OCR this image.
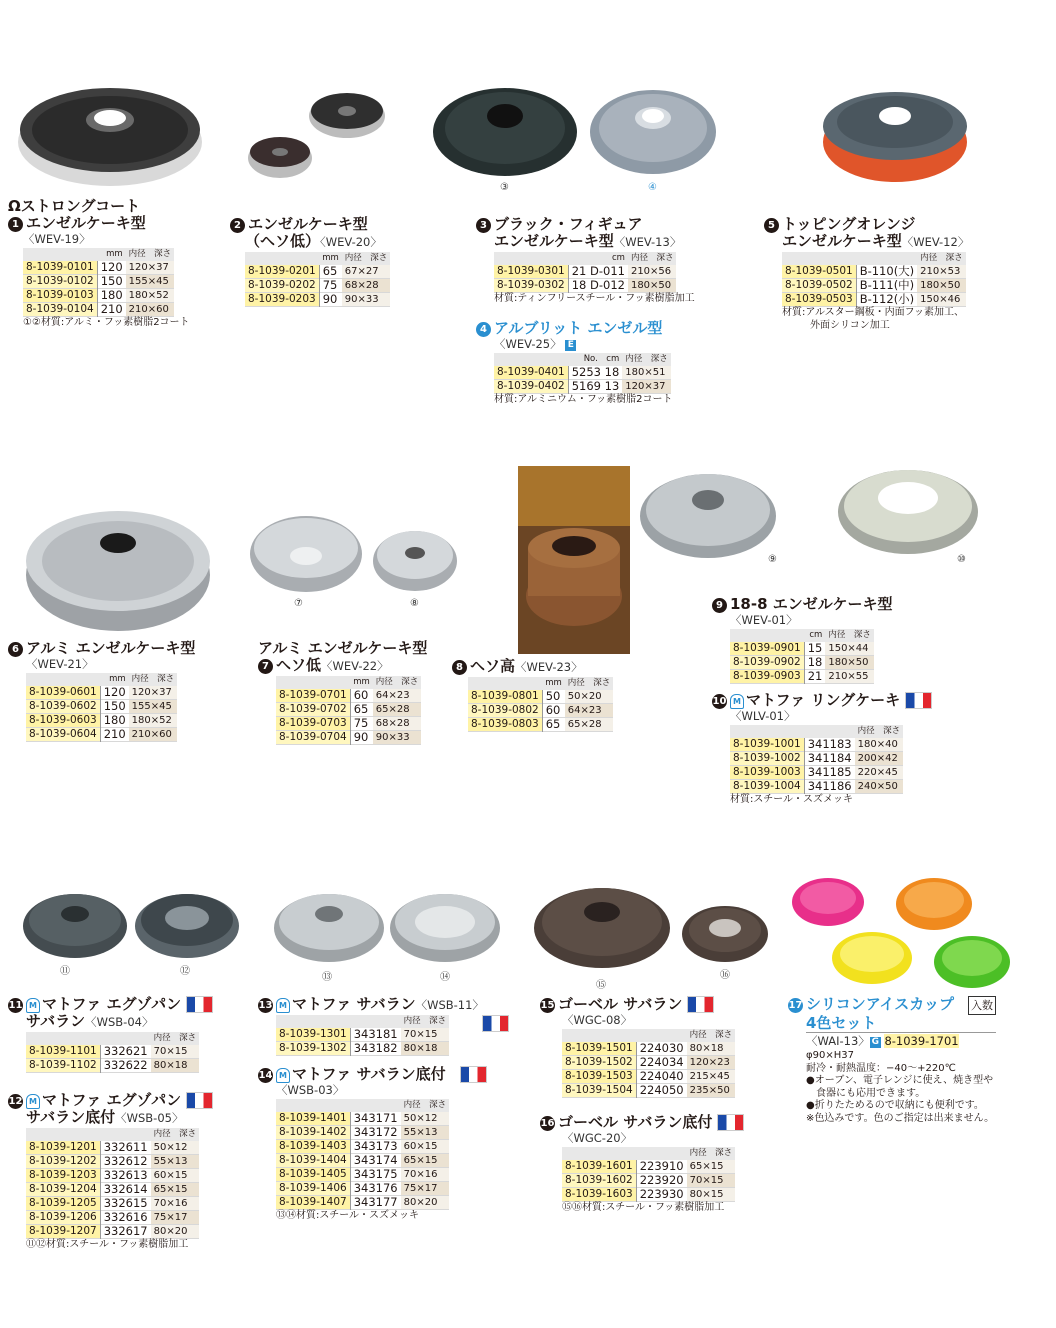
③	④
⑦	⑧
⑨	⑩
⑪	⑫
⑬	⑭
⑮
⑯
Ωストロングコート
1 エンゼルケーキ型
〈WEV-19〉
	mm	内径　深さ
8-1039-0101	120	120×37
8-1039-0102	150	155×45
8-1039-0103	180	180×52
8-1039-0104	210	210×60
①②材質:アルミ・フッ素樹脂2コート
2 エンゼルケーキ型
（ヘソ低）〈WEV-20〉
	mm	内径　深さ
8-1039-0201	65	67×27
8-1039-0202	75	68×28
8-1039-0203	90	90×33
3 ブラック・フィギュア
エンゼルケーキ型〈WEV-13〉
	cm	内径　深さ
8-1039-0301	21 D-011	210×56
8-1039-0302	18 D-012	180×50
材質:ティンフリースチール・フッ素樹脂加工
4 アルブリット エンゼル型
〈WEV-25〉 E
	No.　cm	内径　深さ
8-1039-0401	5253 18	180×51
8-1039-0402	5169 13	120×37
材質:アルミニウム・フッ素樹脂2コート
5 トッピングオレンジ
エンゼルケーキ型〈WEV-12〉
		内径　深さ
8-1039-0501	B-110(大)	210×53
8-1039-0502	B-111(中)	180×50
8-1039-0503	B-112(小)	150×46
材質:アルスター鋼板・内面フッ素加工、
外面シリコン加工
6 アルミ エンゼルケーキ型
〈WEV-21〉
	mm	内径　深さ
8-1039-0601	120	120×37
8-1039-0602	150	155×45
8-1039-0603	180	180×52
8-1039-0604	210	210×60
アルミ エンゼルケーキ型
7 ヘソ低〈WEV-22〉
	mm	内径　深さ
8-1039-0701	60	64×23
8-1039-0702	65	65×28
8-1039-0703	75	68×28
8-1039-0704	90	90×33
8 ヘソ高〈WEV-23〉
	mm	内径　深さ
8-1039-0801	50	50×20
8-1039-0802	60	64×23
8-1039-0803	65	65×28
9 18-8 エンゼルケーキ型
〈WEV-01〉
	cm	内径　深さ
8-1039-0901	15	150×44
8-1039-0902	18	180×50
8-1039-0903	21	210×55
10 M マトファ リングケーキ
〈WLV-01〉
		内径　深さ
8-1039-1001	341183	180×40
8-1039-1002	341184	200×42
8-1039-1003	341185	220×45
8-1039-1004	341186	240×50
材質:スチール・スズメッキ
11 M マトファ エグゾパン
サバラン〈WSB-04〉
		内径　深さ
8-1039-1101	332621	70×15
8-1039-1102	332622	80×18
12 M マトファ エグゾパン
サバラン底付〈WSB-05〉
		内径　深さ
8-1039-1201	332611	50×12
8-1039-1202	332612	55×13
8-1039-1203	332613	60×15
8-1039-1204	332614	65×15
8-1039-1205	332615	70×16
8-1039-1206	332616	75×17
8-1039-1207	332617	80×20
⑪⑫材質:スチール・フッ素樹脂加工
13 M マトファ サバラン〈WSB-11〉
		内径　深さ
8-1039-1301	343181	70×15
8-1039-1302	343182	80×18
14 M マトファ サバラン底付
〈WSB-03〉
		内径　深さ
8-1039-1401	343171	50×12
8-1039-1402	343172	55×13
8-1039-1403	343173	60×15
8-1039-1404	343174	65×15
8-1039-1405	343175	70×16
8-1039-1406	343176	75×17
8-1039-1407	343177	80×20
⑬⑭材質:スチール・スズメッキ
15 ゴーベル サバラン
〈WGC-08〉
		内径　深さ
8-1039-1501	224030	80×18
8-1039-1502	224034	120×23
8-1039-1503	224040	215×45
8-1039-1504	224050	235×50
16 ゴーベル サバラン底付
〈WGC-20〉
		内径　深さ
8-1039-1601	223910	65×15
8-1039-1602	223920	70×15
8-1039-1603	223930	80×15
⑮⑯材質:スチール・フッ素樹脂加工
17 シリコンアイスカップ 入数
4色セット
〈WAI-13〉 G 8-1039-1701
φ90×H37
耐冷・耐熱温度：−40〜+220℃
●オーブン、電子レンジに使え、焼き型や
　食器にも応用できます。
●折りたためるので収納にも便利です。
※色込みです。色のご指定は出来ません。
